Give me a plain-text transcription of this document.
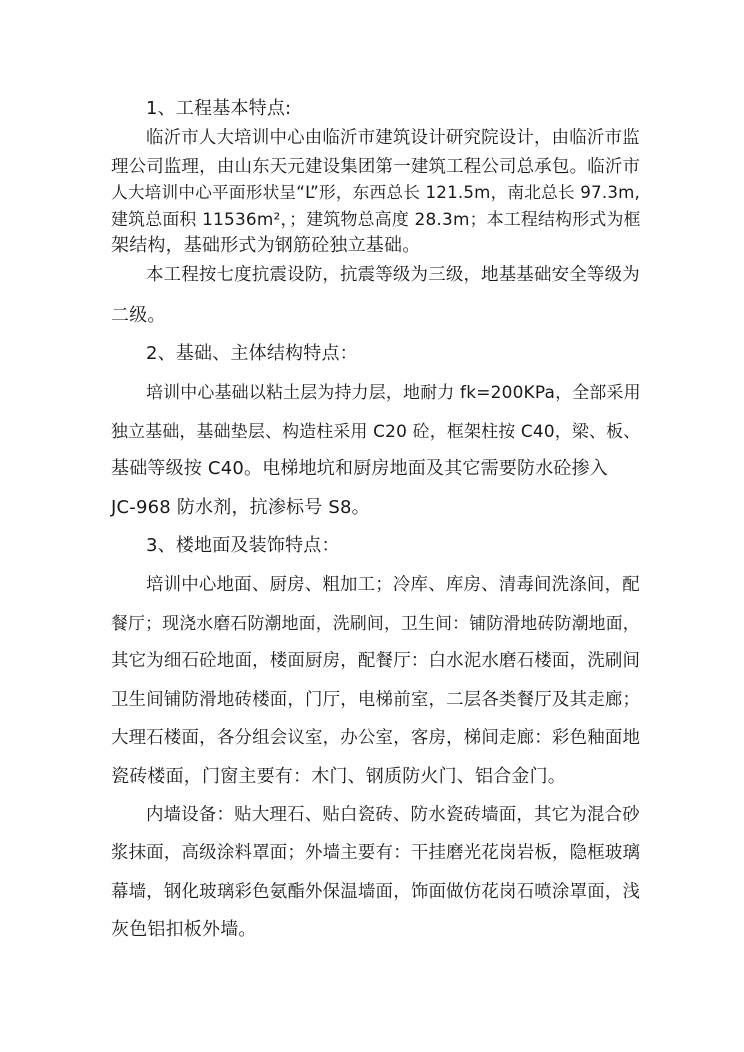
1、工程基本特点:
临沂市人大培训中心由临沂市建筑设计研究院设计，由临沂市监
理公司监理，由山东天元建设集团第一建筑工程公司总承包。临沂市
人大培训中心平面形状呈“L”形，东西总长 121.5m，南北总长 97.3m,
建筑总面积 11536m²，；建筑物总高度 28.3m；本工程结构形式为框
架结构，基础形式为钢筋砼独立基础。
本工程按七度抗震设防，抗震等级为三级，地基基础安全等级为
二级。
2、基础、主体结构特点：
培训中心基础以粘土层为持力层，地耐力 fk=200KPa，全部采用
独立基础，基础垫层、构造柱采用 C20 砼，框架柱按 C40，梁、板、
基础等级按 C40。电梯地坑和厨房地面及其它需要防水砼掺入
JC-968 防水剂，抗渗标号 S8。
3、楼地面及装饰特点：
培训中心地面、厨房、粗加工；冷库、库房、清毒间洗涤间，配
餐厅；现浇水磨石防潮地面，洗刷间，卫生间：铺防滑地砖防潮地面，
其它为细石砼地面，楼面厨房，配餐厅：白水泥水磨石楼面，洗刷间
卫生间铺防滑地砖楼面，门厅，电梯前室，二层各类餐厅及其走廊；
大理石楼面，各分组会议室，办公室，客房，梯间走廊：彩色釉面地
瓷砖楼面，门窗主要有：木门、钢质防火门、铝合金门。
内墙设备：贴大理石、贴白瓷砖、防水瓷砖墙面，其它为混合砂
浆抹面，高级涂料罩面；外墙主要有：干挂磨光花岗岩板，隐框玻璃
幕墙，钢化玻璃彩色氨酯外保温墙面，饰面做仿花岗石喷涂罩面，浅
灰色铝扣板外墙。
